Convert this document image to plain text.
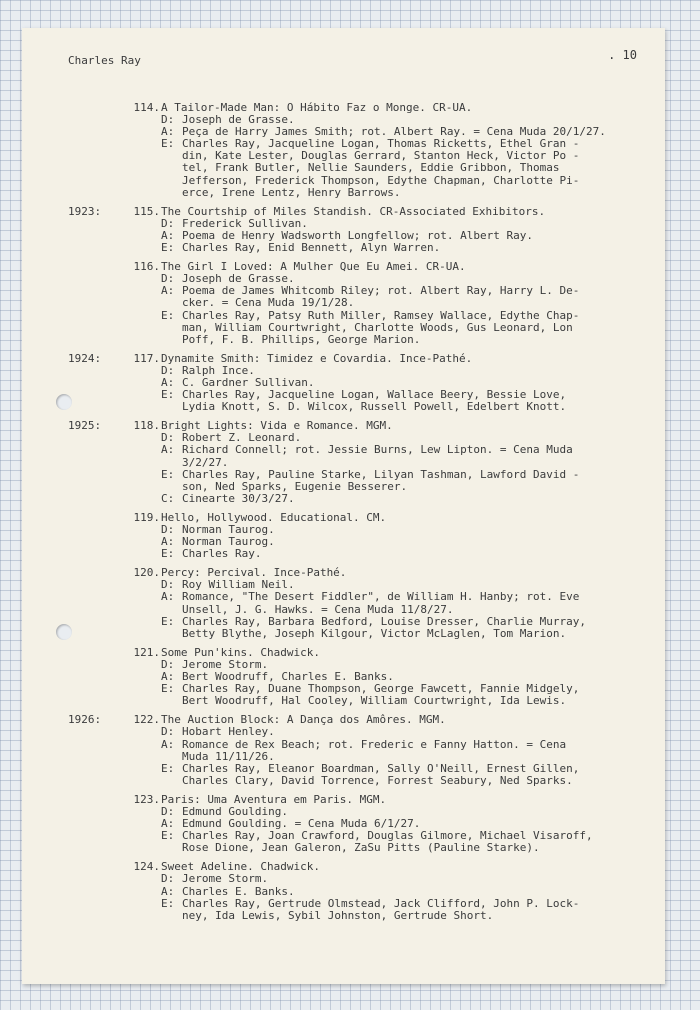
Charles Ray	. 10
114. A Tailor-Made Man: O Hábito Faz o Monge. CR-UA.
D: Joseph de Grasse.
A: Peça de Harry James Smith; rot. Albert Ray. = Cena Muda 20/1/27.
E: Charles Ray, Jacqueline Logan, Thomas Ricketts, Ethel Gran -
din, Kate Lester, Douglas Gerrard, Stanton Heck, Victor Po -
tel, Frank Butler, Nellie Saunders, Eddie Gribbon, Thomas
Jefferson, Frederick Thompson, Edythe Chapman, Charlotte Pi-
erce, Irene Lentz, Henry Barrows.
1923:	115. The Courtship of Miles Standish. CR-Associated Exhibitors.
D: Frederick Sullivan.
A: Poema de Henry Wadsworth Longfellow; rot. Albert Ray.
E: Charles Ray, Enid Bennett, Alyn Warren.
116. The Girl I Loved: A Mulher Que Eu Amei. CR-UA.
D: Joseph de Grasse.
A: Poema de James Whitcomb Riley; rot. Albert Ray, Harry L. De-
cker. = Cena Muda 19/1/28.
E: Charles Ray, Patsy Ruth Miller, Ramsey Wallace, Edythe Chap-
man, William Courtwright, Charlotte Woods, Gus Leonard, Lon
Poff, F. B. Phillips, George Marion.
1924:	117. Dynamite Smith: Timidez e Covardia. Ince-Pathé.
D: Ralph Ince.
A: C. Gardner Sullivan.
E: Charles Ray, Jacqueline Logan, Wallace Beery, Bessie Love,
Lydia Knott, S. D. Wilcox, Russell Powell, Edelbert Knott.
1925:	118. Bright Lights: Vida e Romance. MGM.
D: Robert Z. Leonard.
A: Richard Connell; rot. Jessie Burns, Lew Lipton. = Cena Muda
3/2/27.
E: Charles Ray, Pauline Starke, Lilyan Tashman, Lawford David -
son, Ned Sparks, Eugenie Besserer.
C: Cinearte 30/3/27.
119. Hello, Hollywood. Educational. CM.
D: Norman Taurog.
A: Norman Taurog.
E: Charles Ray.
120. Percy: Percival. Ince-Pathé.
D: Roy William Neil.
A: Romance, "The Desert Fiddler", de William H. Hanby; rot. Eve
Unsell, J. G. Hawks. = Cena Muda 11/8/27.
E: Charles Ray, Barbara Bedford, Louise Dresser, Charlie Murray,
Betty Blythe, Joseph Kilgour, Victor McLaglen, Tom Marion.
121. Some Pun'kins. Chadwick.
D: Jerome Storm.
A: Bert Woodruff, Charles E. Banks.
E: Charles Ray, Duane Thompson, George Fawcett, Fannie Midgely,
Bert Woodruff, Hal Cooley, William Courtwright, Ida Lewis.
1926:	122. The Auction Block: A Dança dos Amôres. MGM.
D: Hobart Henley.
A: Romance de Rex Beach; rot. Frederic e Fanny Hatton. = Cena
Muda 11/11/26.
E: Charles Ray, Eleanor Boardman, Sally O'Neill, Ernest Gillen,
Charles Clary, David Torrence, Forrest Seabury, Ned Sparks.
123. Paris: Uma Aventura em Paris. MGM.
D: Edmund Goulding.
A: Edmund Goulding. = Cena Muda 6/1/27.
E: Charles Ray, Joan Crawford, Douglas Gilmore, Michael Visaroff,
Rose Dione, Jean Galeron, ZaSu Pitts (Pauline Starke).
124. Sweet Adeline. Chadwick.
D: Jerome Storm.
A: Charles E. Banks.
E: Charles Ray, Gertrude Olmstead, Jack Clifford, John P. Lock-
ney, Ida Lewis, Sybil Johnston, Gertrude Short.
